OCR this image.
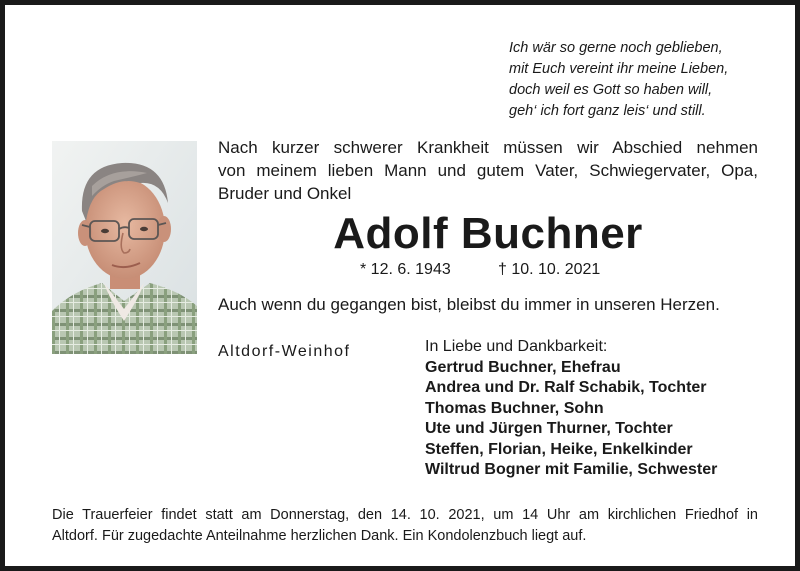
Ich wär so gerne noch geblieben,
mit Euch vereint ihr meine Lieben,
doch weil es Gott so haben will,
geh‘ ich fort ganz leis‘ und still.
Nach kurzer schwerer Krankheit müssen wir Abschied nehmen
von meinem lieben Mann und gutem Vater, Schwiegervater, Opa,
Bruder und Onkel
Adolf Buchner
* 12. 6. 1943	† 10. 10. 2021
Auch wenn du gegangen bist, bleibst du immer in unseren Herzen.
Altdorf-Weinhof	In Liebe und Dankbarkeit:
Gertrud Buchner, Ehefrau
Andrea und Dr. Ralf Schabik, Tochter
Thomas Buchner, Sohn
Ute und Jürgen Thurner, Tochter
Steffen, Florian, Heike, Enkelkinder
Wiltrud Bogner mit Familie, Schwester
Die Trauerfeier findet statt am Donnerstag, den 14. 10. 2021, um 14 Uhr am kirchlichen Friedhof in
Altdorf. Für zugedachte Anteilnahme herzlichen Dank. Ein Kondolenzbuch liegt auf.
